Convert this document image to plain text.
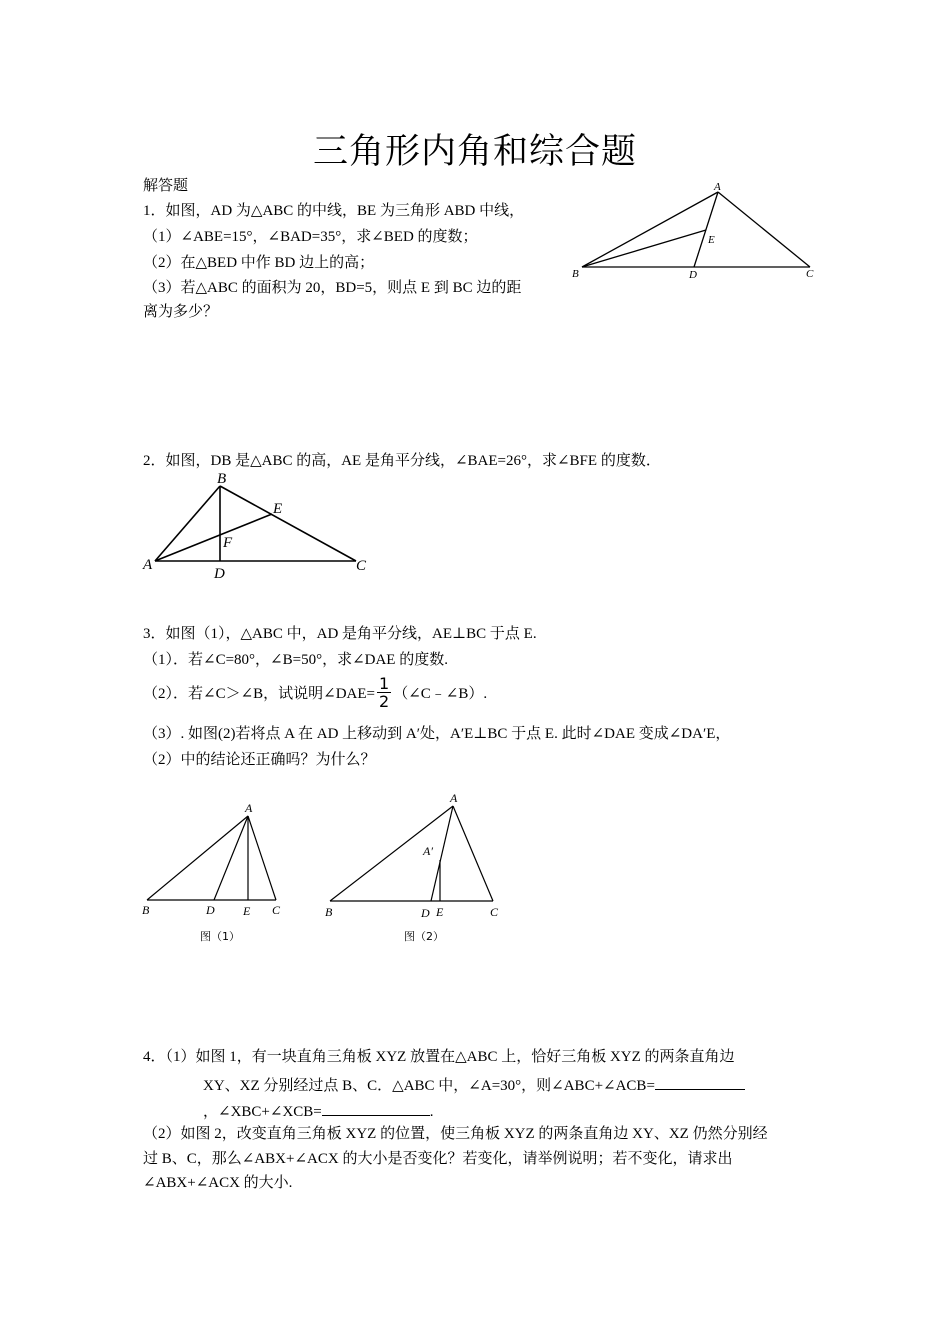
三角形内角和综合题
解答题
1．如图，AD 为△ABC 的中线，BE 为三角形 ABD 中线，
（1）∠ABE=15°，∠BAD=35°，求∠BED 的度数；
（2）在△BED 中作 BD 边上的高；
（3）若△ABC 的面积为 20，BD=5，则点 E 到 BC 边的距
离为多少？
A
B	C
D
E
2．如图，DB 是△ABC 的高，AE 是角平分线，∠BAE=26°，求∠BFE 的度数．
B
E
F
A
D	C
3．如图（1），△ABC 中，AD 是角平分线，AE⊥BC 于点 E.
（1）．若∠C=80°，∠B=50°，求∠DAE 的度数.
（2）．若∠C＞∠B，试说明∠DAE= $\frac{1}{2}$ （∠C﹣∠B）.
（3）. 如图(2)若将点 A 在 AD 上移动到 A′处，A′E⊥BC 于点 E. 此时∠DAE 变成∠DA′E，
（2）中的结论还正确吗？为什么？
A
B	D E C
图（1）
A
A′
B	D E	C
图（2）
4．（1）如图 1，有一块直角三角板 XYZ 放置在△ABC 上，恰好三角板 XYZ 的两条直角边
XY、XZ 分别经过点 B、C．△ABC 中，∠A=30°，则∠ABC+∠ACB=
，∠XBC+∠XCB=	.
（2）如图 2，改变直角三角板 XYZ 的位置，使三角板 XYZ 的两条直角边 XY、XZ 仍然分别经
过 B、C，那么∠ABX+∠ACX 的大小是否变化？若变化，请举例说明；若不变化，请求出
∠ABX+∠ACX 的大小.
